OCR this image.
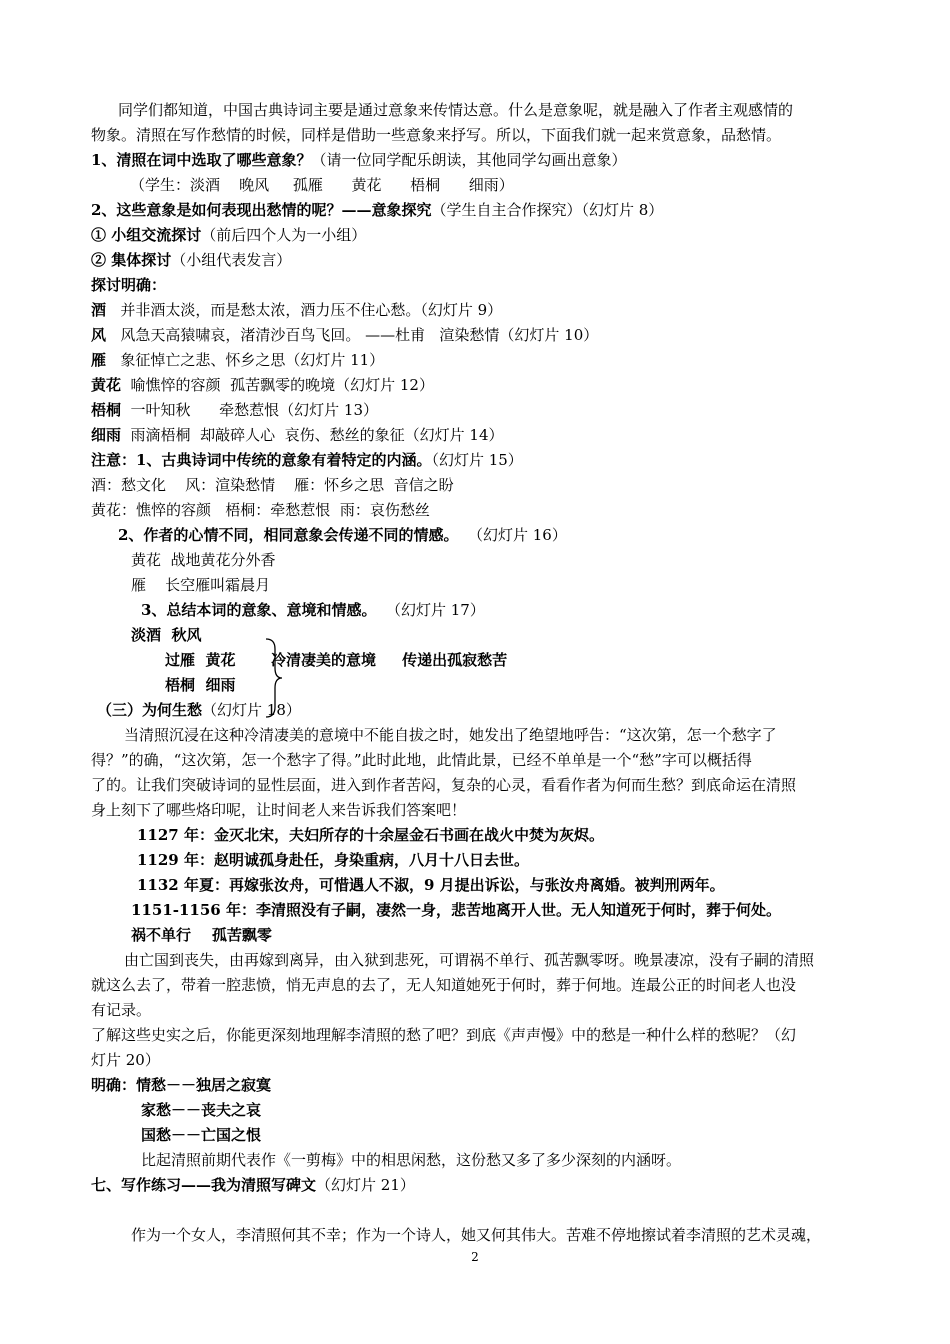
同学们都知道，中国古典诗词主要是通过意象来传情达意。什么是意象呢，就是融入了作者主观感情的
物象。清照在写作愁情的时候，同样是借助一些意象来抒写。所以，下面我们就一起来赏意象，品愁情。
1、清照在词中选取了哪些意象？（请一位同学配乐朗读，其他同学勾画出意象）
（学生：淡酒    晚风     孤雁      黄花      梧桐      细雨）
2、这些意象是如何表现出愁情的呢？——意象探究（学生自主合作探究）（幻灯片 8）
① 小组交流探讨（前后四个人为一小组）
② 集体探讨（小组代表发言）
探讨明确：
酒   并非酒太淡，而是愁太浓，酒力压不住心愁。（幻灯片 9）
风   风急天高猿啸哀，渚清沙百鸟飞回。 ——杜甫   渲染愁情（幻灯片 10）
雁   象征悼亡之悲、怀乡之思（幻灯片 11）
黄花  喻憔悴的容颜  孤苦飘零的晚境（幻灯片 12）
梧桐  一叶知秋      牵愁惹恨（幻灯片 13）
细雨  雨滴梧桐  却敲碎人心  哀伤、愁丝的象征（幻灯片 14）
注意：1、古典诗词中传统的意象有着特定的内涵。（幻灯片 15）
酒：愁文化    风：渲染愁情    雁：怀乡之思  音信之盼
黄花：憔悴的容颜   梧桐：牵愁惹恨  雨：哀伤愁丝
2、作者的心情不同，相同意象会传递不同的情感。  （幻灯片 16）
黄花  战地黄花分外香
雁    长空雁叫霜晨月
3、总结本词的意象、意境和情感。  （幻灯片 17）
淡酒  秋风
过雁  黄花 冷清凄美的意境     传递出孤寂愁苦
梧桐  细雨
（三）为何生愁（幻灯片 18）
当清照沉浸在这种冷清凄美的意境中不能自拔之时，她发出了绝望地呼告：“这次第，怎一个愁字了
得？”的确，“这次第，怎一个愁字了得。”此时此地，此情此景，已经不单单是一个“愁”字可以概括得
了的。让我们突破诗词的显性层面，进入到作者苦闷，复杂的心灵，看看作者为何而生愁？到底命运在清照
身上刻下了哪些烙印呢，让时间老人来告诉我们答案吧！
1127 年：金灭北宋，夫妇所存的十余屋金石书画在战火中焚为灰烬。
1129 年：赵明诚孤身赴任，身染重病，八月十八日去世。
1132 年夏：再嫁张汝舟，可惜遇人不淑，9 月提出诉讼，与张汝舟离婚。被判刑两年。
1151-1156 年：李清照没有子嗣，凄然一身，悲苦地离开人世。无人知道死于何时，葬于何处。
祸不单行    孤苦飘零
由亡国到丧失，由再嫁到离异，由入狱到悲死，可谓祸不单行、孤苦飘零呀。晚景凄凉，没有子嗣的清照
就这么去了，带着一腔悲愤，悄无声息的去了，无人知道她死于何时，葬于何地。连最公正的时间老人也没
有记录。
了解这些史实之后，你能更深刻地理解李清照的愁了吧？到底《声声慢》中的愁是一种什么样的愁呢？（幻
灯片 20）
明确：情愁－－独居之寂寞
家愁－－丧夫之哀
国愁－－亡国之恨
比起清照前期代表作《一剪梅》中的相思闲愁，这份愁又多了多少深刻的内涵呀。
七、写作练习——我为清照写碑文（幻灯片 21）
作为一个女人，李清照何其不幸；作为一个诗人，她又何其伟大。苦难不停地擦试着李清照的艺术灵魂，
2
